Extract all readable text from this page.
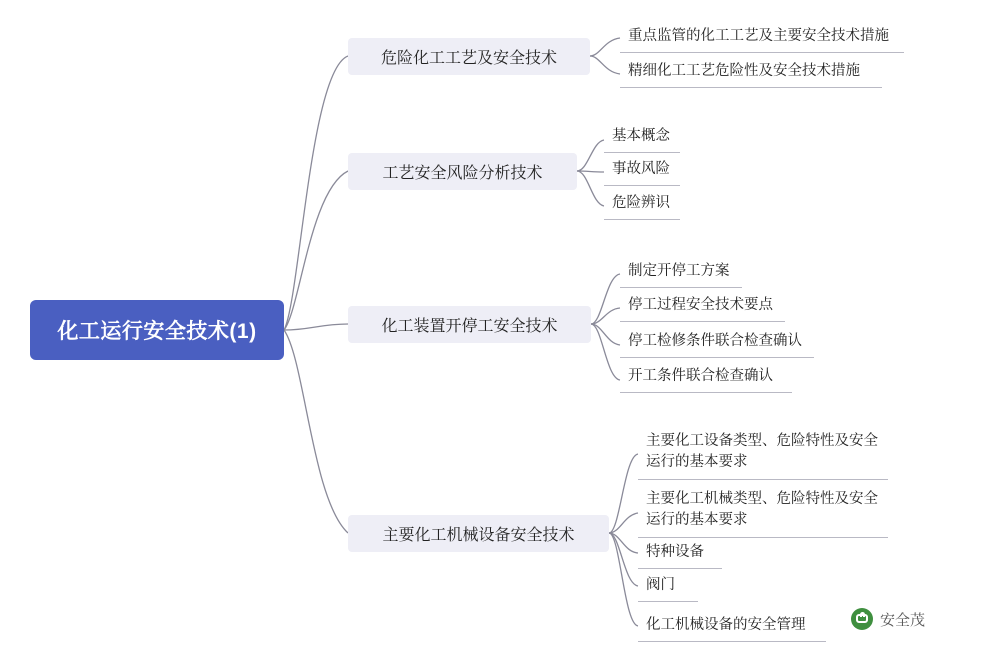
化工运行安全技术(1)
危险化工工艺及安全技术
重点监管的化工工艺及主要安全技术措施
精细化工工艺危险性及安全技术措施
工艺安全风险分析技术
基本概念
事故风险
危险辨识
化工装置开停工安全技术
制定开停工方案
停工过程安全技术要点
停工检修条件联合检查确认
开工条件联合检查确认
主要化工机械设备安全技术
主要化工设备类型、危险特性及安全运行的基本要求
主要化工机械类型、危险特性及安全运行的基本要求
特种设备
阀门
化工机械设备的安全管理	安全茂
